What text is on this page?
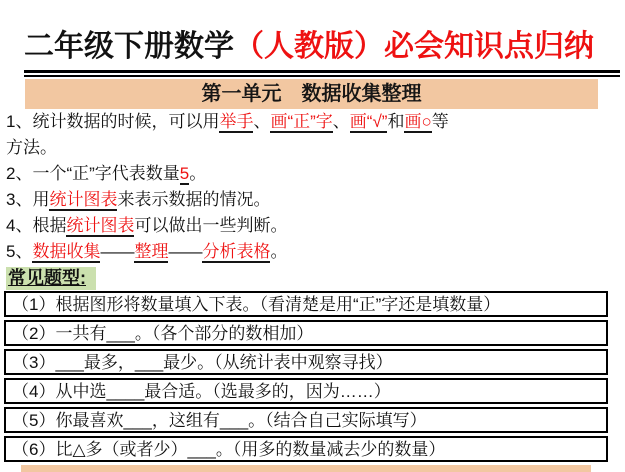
二年级下册数学（人教版）必会知识点归纳
第一单元　数据收集整理
1、统计数据的时候，可以用举手、画“正”字、画“√”和画○等
方法。
2、一个“正”字代表数量5。
3、用统计图表来表示数据的情况。
4、根据统计图表可以做出一些判断。
5、数据收集——整理——分析表格。
常见题型:
（1）根据图形将数量填入下表。（看清楚是用“正”字还是填数量）
（2）一共有___。（各个部分的数相加）
（3）___最多，___最少。（从统计表中观察寻找）
（4）从中选____最合适。（选最多的，因为……）
（5）你最喜欢___，这组有___。（结合自己实际填写）
（6）比△多（或者少）___。（用多的数量减去少的数量）
